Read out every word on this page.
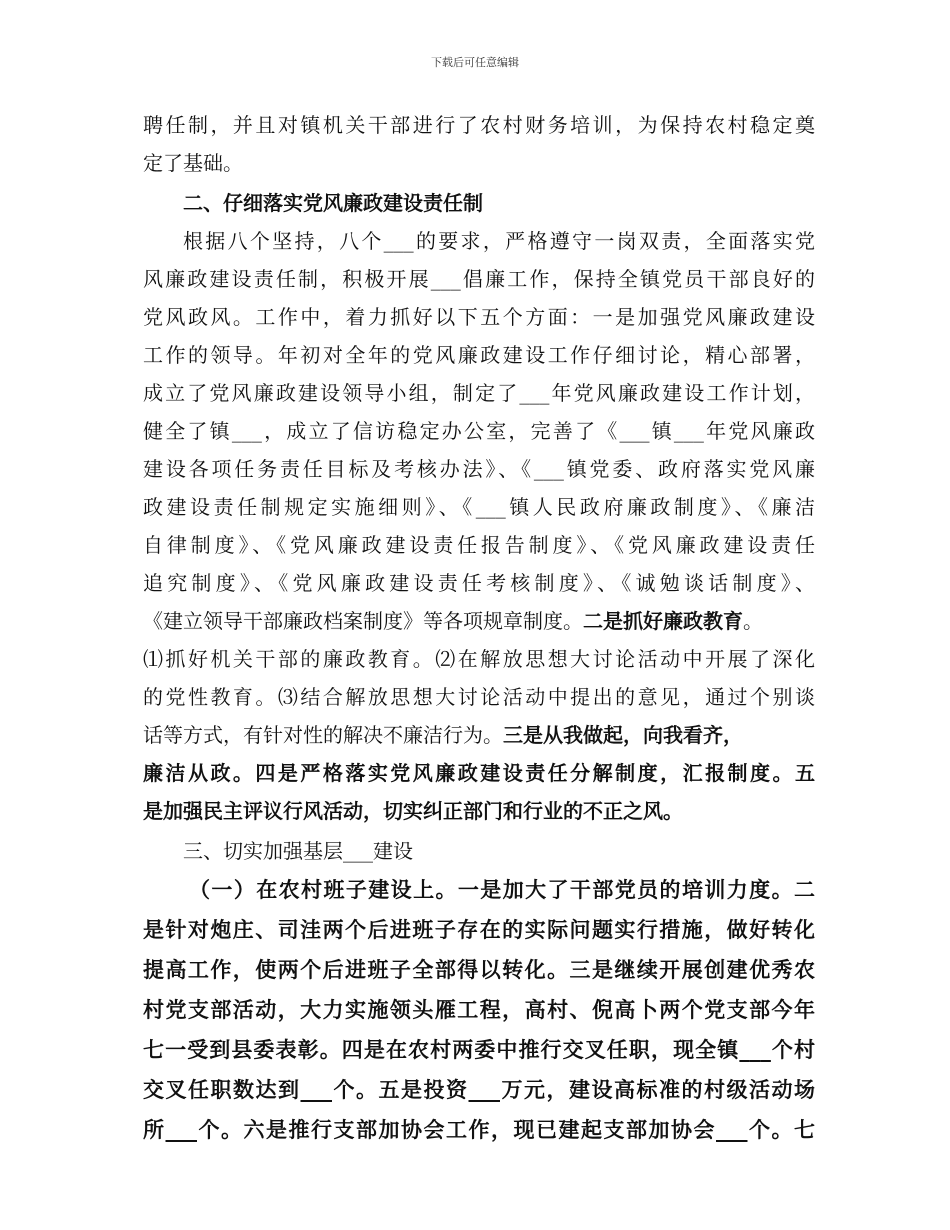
下载后可任意编辑
聘任制，并且对镇机关干部进行了农村财务培训，为保持农村稳定奠
定了基础。
二、仔细落实党风廉政建设责任制
根据八个坚持，八个___的要求，严格遵守一岗双责，全面落实党
风廉政建设责任制，积极开展___倡廉工作，保持全镇党员干部良好的
党风政风。工作中，着力抓好以下五个方面：一是加强党风廉政建设
工作的领导。年初对全年的党风廉政建设工作仔细讨论，精心部署，
成立了党风廉政建设领导小组，制定了___年党风廉政建设工作计划，
健全了镇___，成立了信访稳定办公室，完善了《___镇___年党风廉政
建设各项任务责任目标及考核办法》、《___镇党委、政府落实党风廉
政建设责任制规定实施细则》、《___镇人民政府廉政制度》、《廉洁
自律制度》、《党风廉政建设责任报告制度》、《党风廉政建设责任
追究制度》、《党风廉政建设责任考核制度》、《诚勉谈话制度》、
《建立领导干部廉政档案制度》等各项规章制度。二是抓好廉政教育。
⑴抓好机关干部的廉政教育。⑵在解放思想大讨论活动中开展了深化
的党性教育。⑶结合解放思想大讨论活动中提出的意见，通过个别谈
话等方式，有针对性的解决不廉洁行为。三是从我做起，向我看齐，
廉洁从政。四是严格落实党风廉政建设责任分解制度，汇报制度。五
是加强民主评议行风活动，切实纠正部门和行业的不正之风。
三、切实加强基层___建设
（一）在农村班子建设上。一是加大了干部党员的培训力度。二
是针对炮庄、司洼两个后进班子存在的实际问题实行措施，做好转化
提高工作，使两个后进班子全部得以转化。三是继续开展创建优秀农
村党支部活动，大力实施领头雁工程，高村、倪高卜两个党支部今年
七一受到县委表彰。四是在农村两委中推行交叉任职，现全镇___个村
交叉任职数达到___个。五是投资___万元，建设高标准的村级活动场
所___个。六是推行支部加协会工作，现已建起支部加协会___个。七
